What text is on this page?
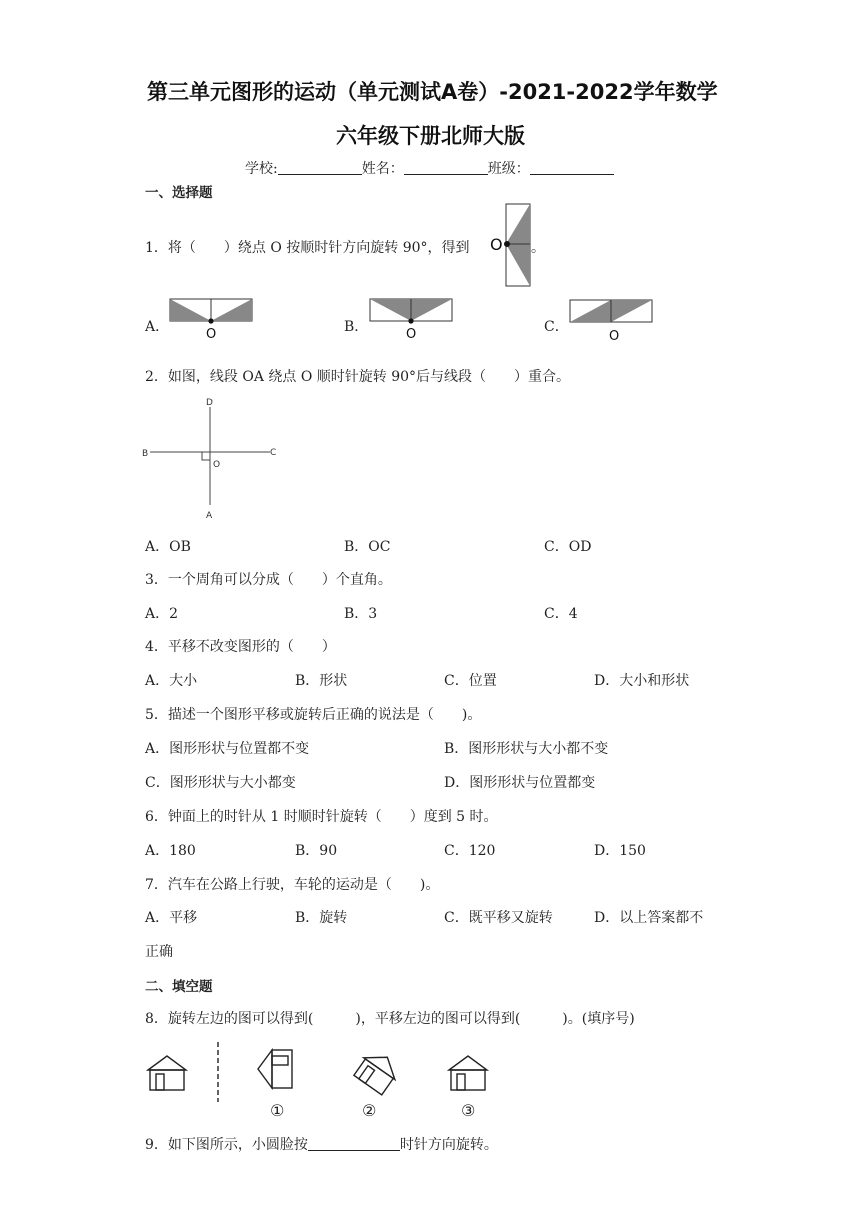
第三单元图形的运动（单元测试A卷）-2021-2022学年数学
六年级下册北师大版
学校:	姓名：	班级：
一、选择题
1．将（　　）绕点 O 按顺时针方向旋转 90°，得到 O 。
A．	O	B．	O	C．
O
2．如图，线段 OA 绕点 O 顺时针旋转 90°后与线段（　　）重合。
D
B	C
O
A
A．OB	B．OC	C．OD
3．一个周角可以分成（　　）个直角。
A．2	B．3	C．4
4．平移不改变图形的（　　）
A．大小	B．形状	C．位置	D．大小和形状
5．描述一个图形平移或旋转后正确的说法是（　　)。
A．图形形状与位置都不变	B．图形形状与大小都不变
C．图形形状与大小都变	D．图形形状与位置都变
6．钟面上的时针从 1 时顺时针旋转（　　）度到 5 时。
A．180	B．90	C．120	D．150
7．汽车在公路上行驶，车轮的运动是（　　)。
A．平移	B．旋转	C．既平移又旋转	D．以上答案都不
正确
二、填空题
8．旋转左边的图可以得到(　　　)，平移左边的图可以得到(　　　)。(填序号)
①	②	③
9．如下图所示，小圆脸按	时针方向旋转。
